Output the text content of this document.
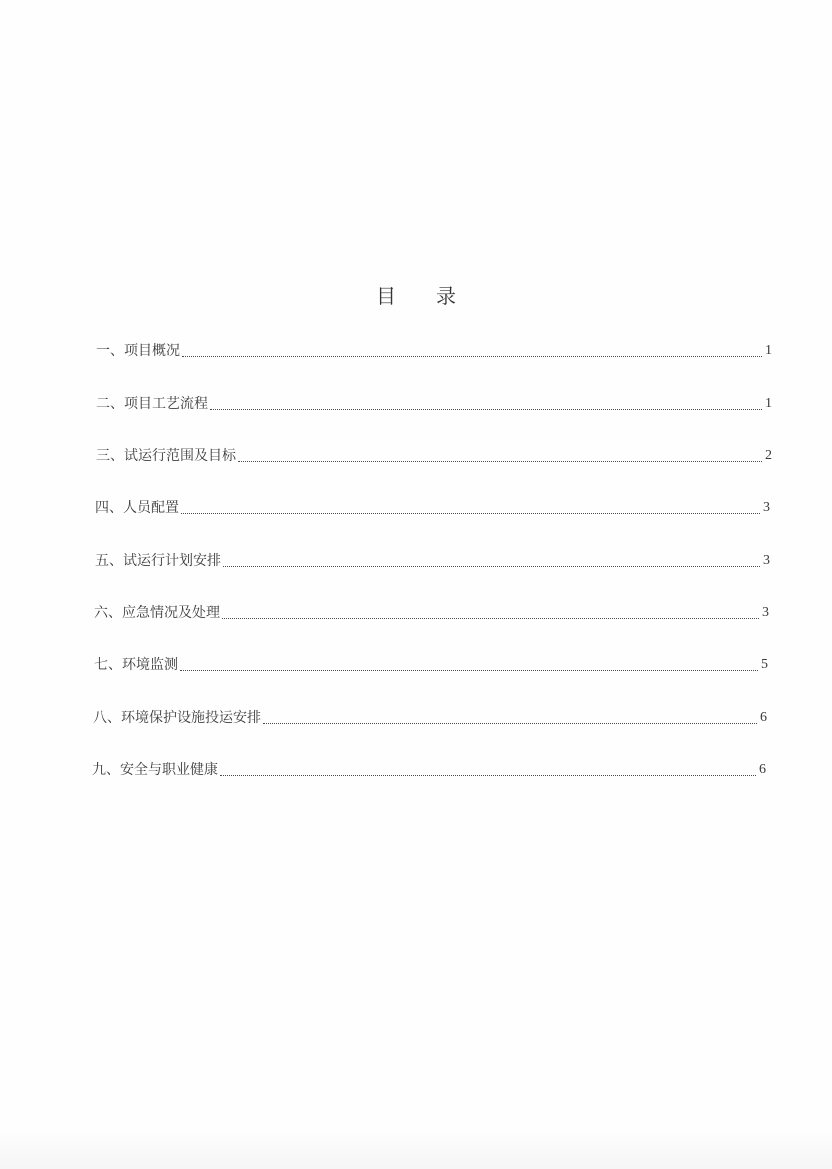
目 录
一、项目概况	1
二、项目工艺流程	1
三、试运行范围及目标	2
四、人员配置	3
五、试运行计划安排	3
六、应急情况及处理	3
七、环境监测	5
八、环境保护设施投运安排	6
九、安全与职业健康	6
